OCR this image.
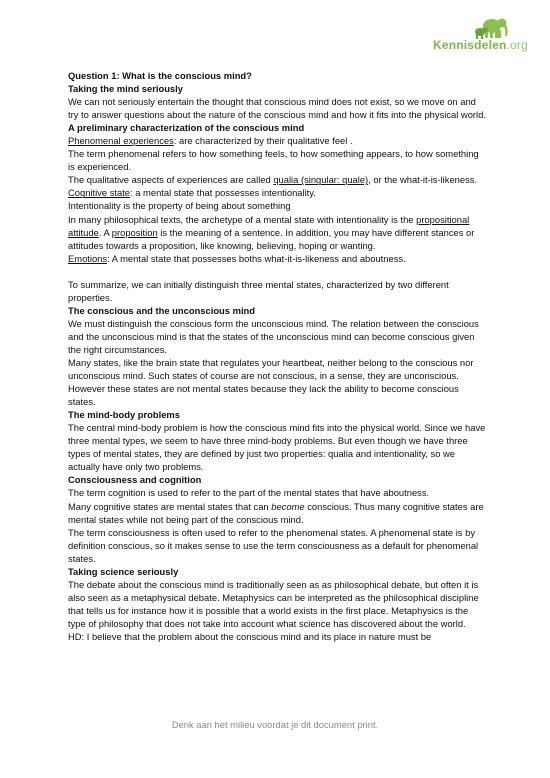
Kennisdelen.org

Question 1: What is the conscious mind?

Taking the mind seriously

We can not seriously entertain the thought that conscious mind does not exist, so we move on and try to answer questions about the nature of the conscious mind and how it fits into the physical world.

A preliminary characterization of the conscious mind

Phenomenal experiences: are characterized by their qualitative feel .

The term phenomenal refers to how something feels, to how something appears, to how something is experienced.

The qualitative aspects of experiences are called qualia (singular: quale), or the what-it-is-likeness.

Cognitive state: a mental state that possesses intentionality.

Intentionality is the property of being about something

In many philosophical texts, the archetype of a mental state with intentionality is the propositional attitude. A proposition is the meaning of a sentence. In addition, you may have different stances or attitudes towards a proposition, like knowing, believing, hoping or wanting.

Emotions: A mental state that possesses boths what-it-is-likeness and aboutness.

To summarize, we can initially distinguish three mental states, characterized by two different properties.

The conscious and the unconscious mind

We must distinguish the conscious form the unconscious mind. The relation between the conscious and the unconscious mind is that the states of the unconscious mind can become conscious given the right circumstances.

Many states, like the brain state that regulates your heartbeat, neither belong to the conscious nor unconscious mind. Such states of course are not conscious, in a sense, they are unconscious. However these states are not mental states because they lack the ability to become conscious states.

The mind-body problems

The central mind-body problem is how the conscious mind fits into the physical world. Since we have three mental types, we seem to have three mind-body problems. But even though we have three types of mental states, they are defined by just two properties: qualia and intentionality, so we actually have only two problems.

Consciousness and cognition

The term cognition is used to refer to the part of the mental states that have aboutness.

Many cognitive states are mental states that can become conscious. Thus many cognitive states are mental states while not being part of the conscious mind.

The term consciousness is often used to refer to the phenomenal states. A phenomenal state is by definition conscious, so it makes sense to use the term consciousness as a default for phenomenal states.

Taking science seriously

The debate about the conscious mind is traditionally seen as as philosophical debate, but often it is also seen as a metaphysical debate. Metaphysics can be interpreted as the philosophical discipline that tells us for instance how it is possible that a world exists in the first place. Metaphysics is the type of philosophy that does not take into account what science has discovered about the world.

HD: I believe that the problem about the conscious mind and its place in nature must be

Denk aan het milieu voordat je dit document print.
